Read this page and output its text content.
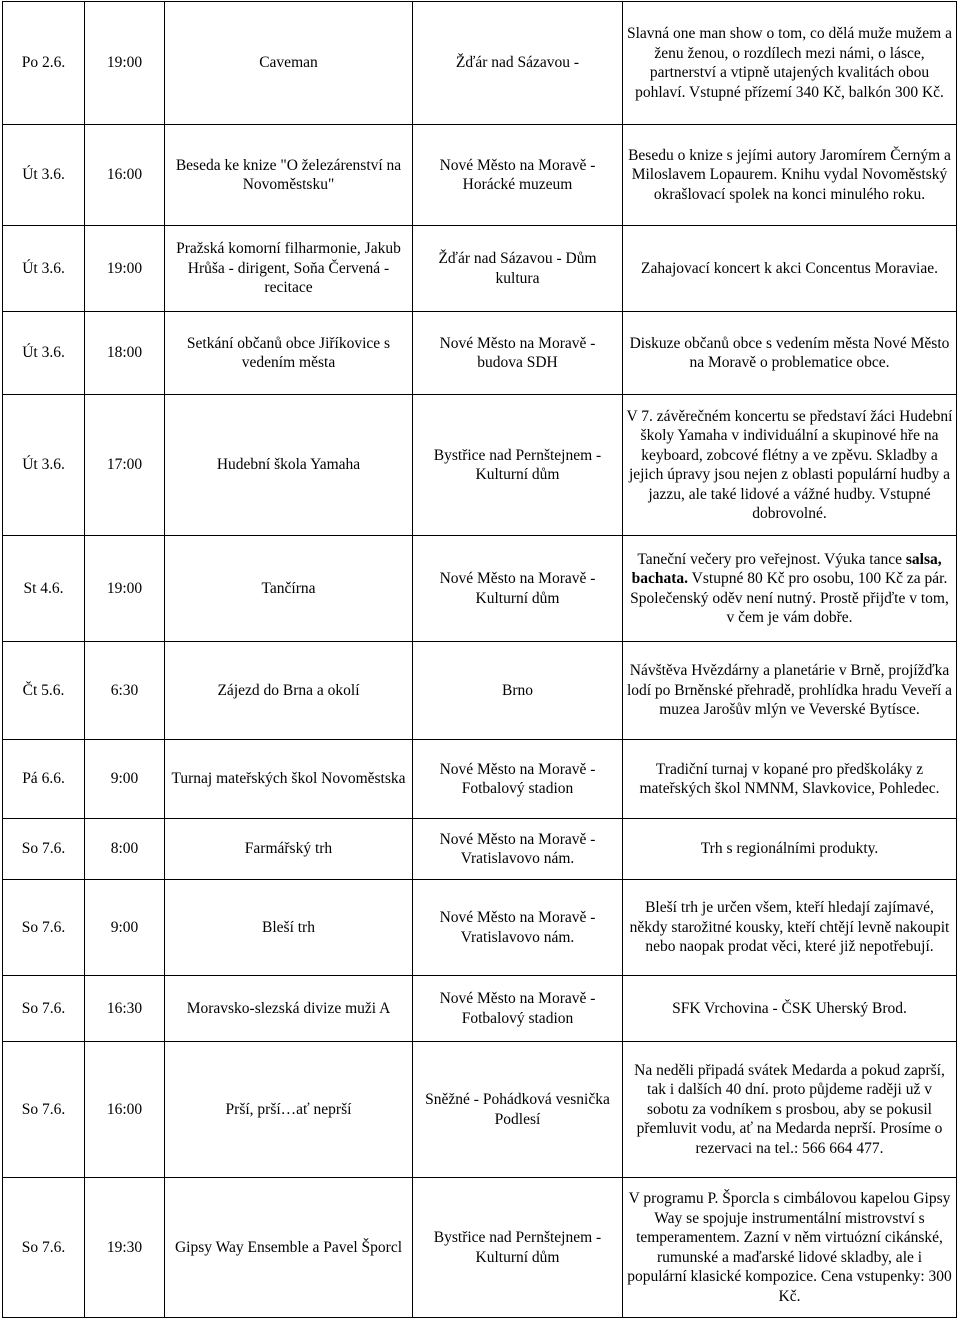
Po 2.6.	19:00	Caveman	Žďár nad Sázavou -	Slavná one man show o tom, co dělá muže mužem a ženu ženou, o rozdílech mezi námi, o lásce, partnerství a vtipně utajených kvalitách obou pohlaví. Vstupné přízemí 340 Kč, balkón 300 Kč.
Út 3.6.	16:00	Beseda ke knize "O železárenství na Novoměstsku"	Nové Město na Moravě - Horácké muzeum	Besedu o knize s jejími autory Jaromírem Černým a Miloslavem Lopaurem. Knihu vydal Novoměstský okrašlovací spolek na konci minulého roku.
Út 3.6.	19:00	Pražská komorní filharmonie, Jakub Hrůša - dirigent, Soňa Červená - recitace	Žďár nad Sázavou - Dům kultura	Zahajovací koncert k akci Concentus Moraviae.
Út 3.6.	18:00	Setkání občanů obce Jiříkovice s vedením města	Nové Město na Moravě - budova SDH	Diskuze občanů obce s vedením města Nové Město na Moravě o problematice obce.
Út 3.6.	17:00	Hudební škola Yamaha	Bystřice nad Pernštejnem - Kulturní dům	V 7. závěrečném koncertu se představí žáci Hudební školy Yamaha v individuální a skupinové hře na keyboard, zobcové flétny a ve zpěvu. Skladby a jejich úpravy jsou nejen z oblasti populární hudby a jazzu, ale také lidové a vážné hudby. Vstupné dobrovolné.
St 4.6.	19:00	Tančírna	Nové Město na Moravě - Kulturní dům	Taneční večery pro veřejnost. Výuka tance salsa, bachata. Vstupné 80 Kč pro osobu, 100 Kč za pár. Společenský oděv není nutný. Prostě přijďte v tom, v čem je vám dobře.
Čt 5.6.	6:30	Zájezd do Brna a okolí	Brno	Návštěva Hvězdárny a planetárie v Brně, projížďka lodí po Brněnské přehradě, prohlídka hradu Veveří a muzea Jarošův mlýn ve Veverské Bytísce.
Pá 6.6.	9:00	Turnaj mateřských škol Novoměstska	Nové Město na Moravě - Fotbalový stadion	Tradiční turnaj v kopané pro předškoláky z mateřských škol NMNM, Slavkovice, Pohledec.
So 7.6.	8:00	Farmářský trh	Nové Město na Moravě - Vratislavovo nám.	Trh s regionálními produkty.
So 7.6.	9:00	Bleší trh	Nové Město na Moravě - Vratislavovo nám.	Bleší trh je určen všem, kteří hledají zajímavé, někdy starožitné kousky, kteří chtějí levně nakoupit nebo naopak prodat věci, které již nepotřebují.
So 7.6.	16:30	Moravsko-slezská divize muži A	Nové Město na Moravě - Fotbalový stadion	SFK Vrchovina - ČSK Uherský Brod.
So 7.6.	16:00	Prší, prší…ať neprší	Sněžné - Pohádková vesnička Podlesí	Na neděli připadá svátek Medarda a pokud zaprší, tak i dalších 40 dní. proto půjdeme raději už v sobotu za vodníkem s prosbou, aby se pokusil přemluvit vodu, ať na Medarda neprší. Prosíme o rezervaci na tel.: 566 664 477.
So 7.6.	19:30	Gipsy Way Ensemble a Pavel Šporcl	Bystřice nad Pernštejnem - Kulturní dům	V programu P. Šporcla s cimbálovou kapelou Gipsy Way se spojuje instrumentální mistrovství s temperamentem. Zazní v něm virtuózní cikánské, rumunské a maďarské lidové skladby, ale i populární klasické kompozice. Cena vstupenky: 300 Kč.
